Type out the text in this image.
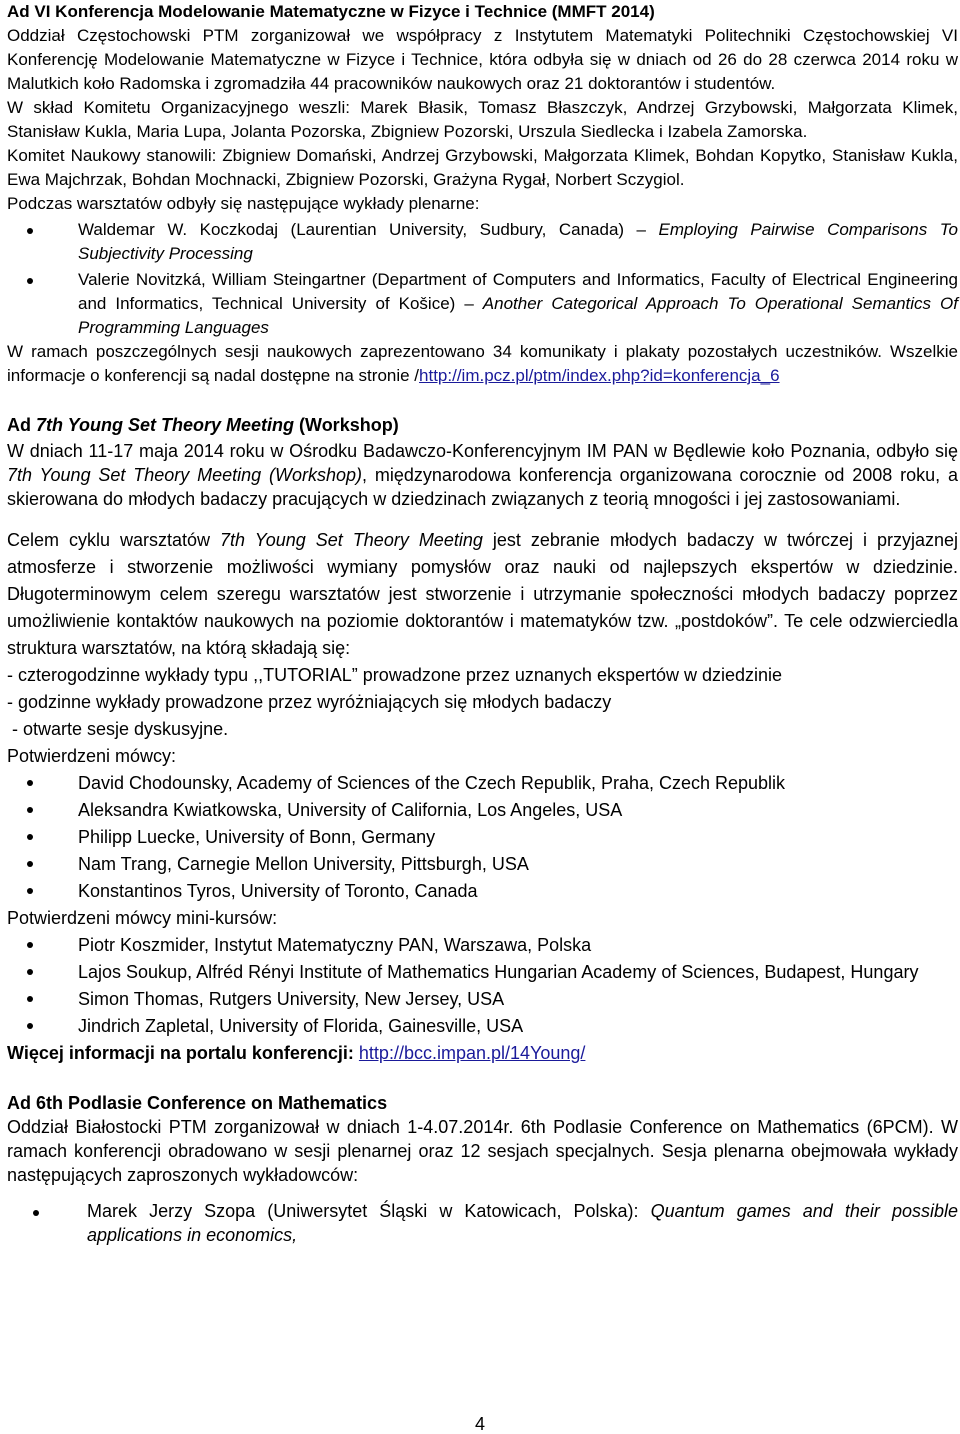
Ad VI Konferencja Modelowanie Matematyczne w Fizyce i Technice (MMFT 2014)

Oddział Częstochowski PTM zorganizował we współpracy z Instytutem Matematyki Politechniki Częstochowskiej VI Konferencję Modelowanie Matematyczne w Fizyce i Technice, która odbyła się w dniach od 26 do 28 czerwca 2014 roku w Malutkich koło Radomska i zgromadziła 44 pracowników naukowych oraz 21 doktorantów i studentów.

W skład Komitetu Organizacyjnego weszli: Marek Błasik, Tomasz Błaszczyk, Andrzej Grzybowski, Małgorzata Klimek, Stanisław Kukla, Maria Lupa, Jolanta Pozorska, Zbigniew Pozorski, Urszula Siedlecka i Izabela Zamorska.

Komitet Naukowy stanowili: Zbigniew Domański, Andrzej Grzybowski, Małgorzata Klimek, Bohdan Kopytko, Stanisław Kukla, Ewa Majchrzak, Bohdan Mochnacki, Zbigniew Pozorski, Grażyna Rygał, Norbert Sczygiol.

Podczas warsztatów odbyły się następujące wykłady plenarne:

Waldemar W. Koczkodaj (Laurentian University, Sudbury, Canada) – Employing Pairwise Comparisons To Subjectivity Processing
Valerie Novitzká, William Steingartner (Department of Computers and Informatics, Faculty of Electrical Engineering and Informatics, Technical University of Košice) – Another Categorical Approach To Operational Semantics Of Programming Languages

W ramach poszczególnych sesji naukowych zaprezentowano 34 komunikaty i plakaty pozostałych uczestników. Wszelkie informacje o konferencji są nadal dostępne na stronie /http://im.pcz.pl/ptm/index.php?id=konferencja_6

Ad 7th Young Set Theory Meeting (Workshop)

W dniach 11-17 maja 2014 roku w Ośrodku Badawczo-Konferencyjnym IM PAN w Będlewie koło Poznania, odbyło się 7th Young Set Theory Meeting (Workshop), międzynarodowa konferencja organizowana corocznie od 2008 roku, a skierowana do młodych badaczy pracujących w dziedzinach związanych z teorią mnogości i jej zastosowaniami.

Celem cyklu warsztatów 7th Young Set Theory Meeting jest zebranie młodych badaczy w twórczej i przyjaznej atmosferze i stworzenie możliwości wymiany pomysłów oraz nauki od najlepszych ekspertów w dziedzinie. Długoterminowym celem szeregu warsztatów jest stworzenie i utrzymanie społeczności młodych badaczy poprzez umożliwienie kontaktów naukowych na poziomie doktorantów i matematyków tzw. „postdoków”. Te cele odzwierciedla struktura warsztatów, na którą składają się:

- czterogodzinne wykłady typu ,,TUTORIAL” prowadzone przez uznanych ekspertów w dziedzinie

- godzinne wykłady prowadzone przez wyróżniających się młodych badaczy

- otwarte sesje dyskusyjne.

Potwierdzeni mówcy:

David Chodounsky, Academy of Sciences of the Czech Republik, Praha, Czech Republik
Aleksandra Kwiatkowska, University of California, Los Angeles, USA
Philipp Luecke, University of Bonn, Germany
Nam Trang, Carnegie Mellon University, Pittsburgh, USA
Konstantinos Tyros, University of Toronto, Canada

Potwierdzeni mówcy mini-kursów:

Piotr Koszmider, Instytut Matematyczny PAN, Warszawa, Polska
Lajos Soukup, Alfréd Rényi Institute of Mathematics Hungarian Academy of Sciences, Budapest, Hungary
Simon Thomas, Rutgers University, New Jersey, USA
Jindrich Zapletal, University of Florida, Gainesville, USA

Więcej informacji na portalu konferencji: http://bcc.impan.pl/14Young/

Ad 6th Podlasie Conference on Mathematics

Oddział Białostocki PTM zorganizował w dniach 1-4.07.2014r. 6th Podlasie Conference on Mathematics (6PCM). W ramach konferencji obradowano w sesji plenarnej oraz 12 sesjach specjalnych. Sesja plenarna obejmowała wykłady następujących zaproszonych wykładowców:

Marek Jerzy Szopa (Uniwersytet Śląski w Katowicach, Polska): Quantum games and their possible applications in economics,
4
